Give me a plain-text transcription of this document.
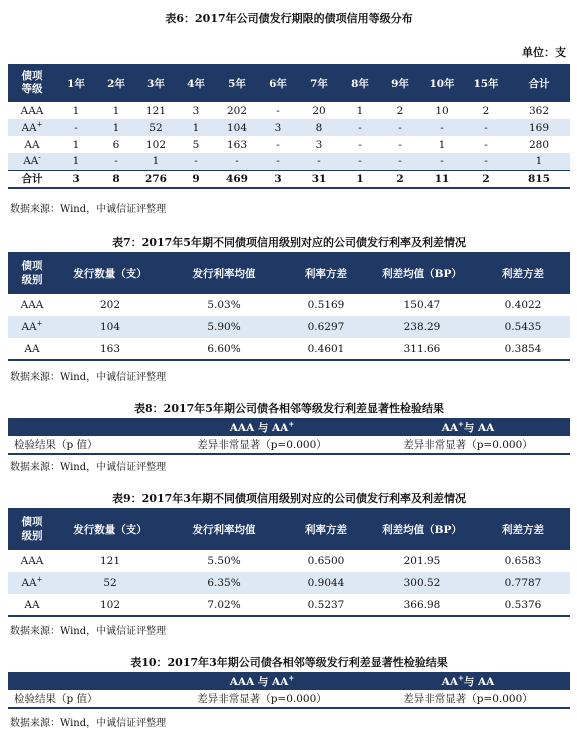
表6：2017年公司债发行期限的债项信用等级分布
单位：支
债项
等级	1年	2年	3年	4年	5年	6年	7年	8年	9年	10年	15年	合计
AAA	1	1	121	3	202	-	20	1	2	10	2	362
AA+	-	1	52	1	104	3	8	-	-	-	-	169
AA	1	6	102	5	163	-	3	-	-	1	-	280
AA-	1	-	1	-	-	-	-	-	-	-	-	1
合计	3	8	276	9	469	3	31	1	2	11	2	815
数据来源：Wind，中诚信证评整理
表7：2017年5年期不同债项信用级别对应的公司债发行利率及利差情况
债项
级别	发行数量（支）	发行利率均值	利率方差	利差均值（BP）	利差方差
AAA	202	5.03%	0.5169	150.47	0.4022
AA+	104	5.90%	0.6297	238.29	0.5435
AA	163	6.60%	0.4601	311.66	0.3854
数据来源：Wind，中诚信证评整理
表8：2017年5年期公司债各相邻等级发行利差显著性检验结果
	AAA 与 AA+	AA+与 AA
检验结果（p 值）	差异非常显著（p=0.000）	差异非常显著（p=0.000）
数据来源：Wind，中诚信证评整理
表9：2017年3年期不同债项信用级别对应的公司债发行利率及利差情况
债项
级别	发行数量（支）	发行利率均值	利率方差	利差均值（BP）	利差方差
AAA	121	5.50%	0.6500	201.95	0.6583
AA+	52	6.35%	0.9044	300.52	0.7787
AA	102	7.02%	0.5237	366.98	0.5376
数据来源：Wind，中诚信证评整理
表10：2017年3年期公司债各相邻等级发行利差显著性检验结果
	AAA 与 AA+	AA+与 AA
检验结果（p 值）	差异非常显著（p=0.000）	差异非常显著（p=0.000）
数据来源：Wind，中诚信证评整理
